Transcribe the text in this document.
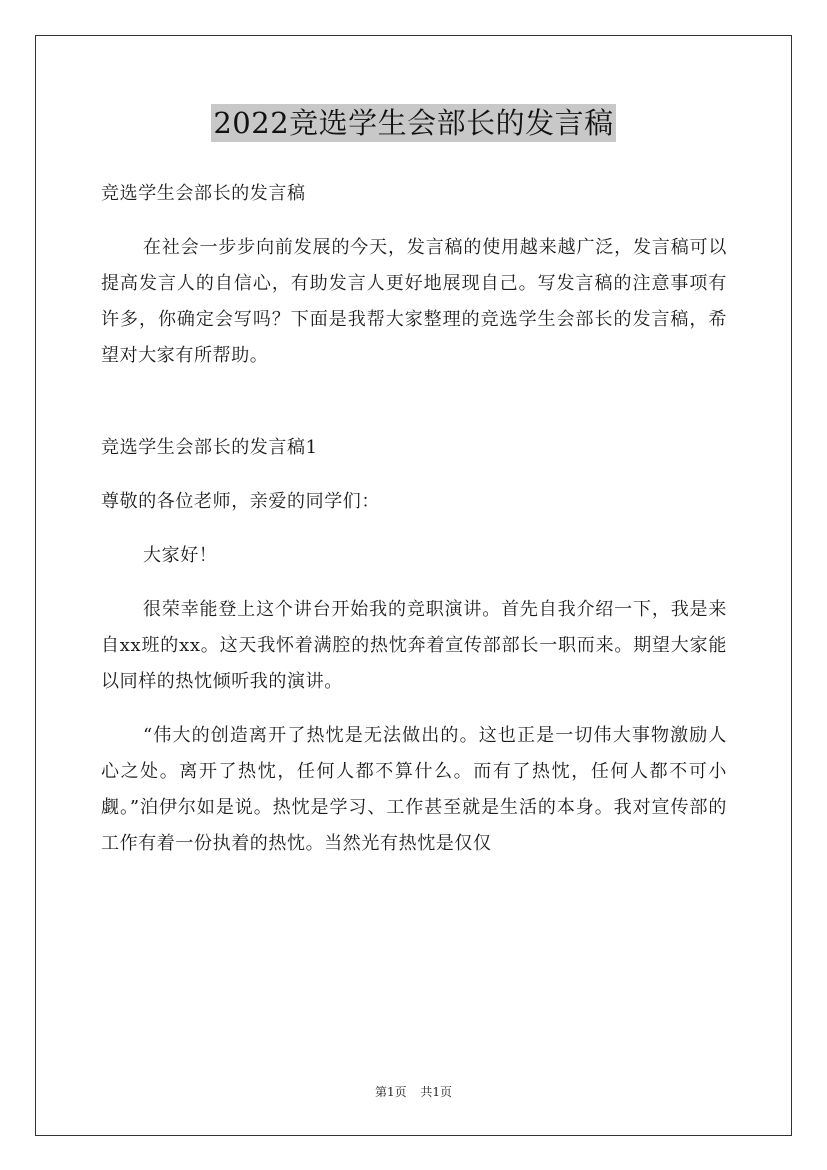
2022竞选学生会部长的发言稿

竞选学生会部长的发言稿

在社会一步步向前发展的今天，发言稿的使用越来越广泛，发言稿可以提高发言人的自信心，有助发言人更好地展现自己。写发言稿的注意事项有许多，你确定会写吗？下面是我帮大家整理的竞选学生会部长的发言稿，希望对大家有所帮助。

竞选学生会部长的发言稿1

尊敬的各位老师，亲爱的同学们：

大家好！

很荣幸能登上这个讲台开始我的竞职演讲。首先自我介绍一下，我是来自xx班的xx。这天我怀着满腔的热忱奔着宣传部部长一职而来。期望大家能以同样的热忱倾听我的演讲。

“伟大的创造离开了热忱是无法做出的。这也正是一切伟大事物激励人心之处。离开了热忱，任何人都不算什么。而有了热忱，任何人都不可小觑。”泊伊尔如是说。热忱是学习、工作甚至就是生活的本身。我对宣传部的工作有着一份执着的热忱。当然光有热忱是仅仅

第1页 共1页
